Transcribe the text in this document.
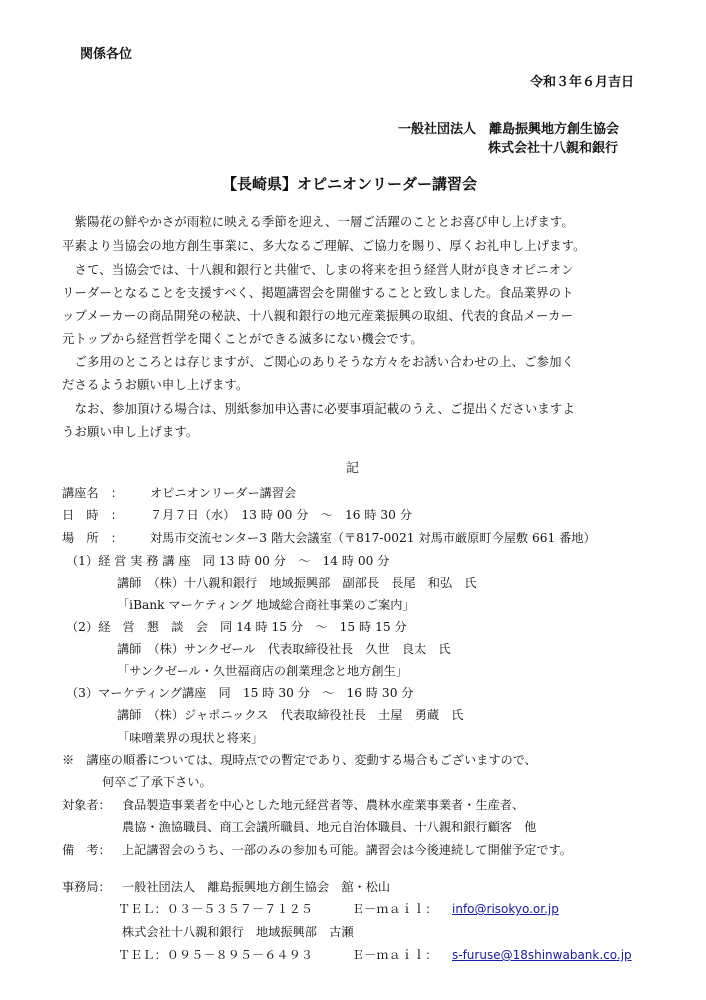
関係各位
令和３年６月吉日
一般社団法人　離島振興地方創生協会
株式会社十八親和銀行
【長崎県】オピニオンリーダー講習会
　紫陽花の鮮やかさが雨粒に映える季節を迎え、一層ご活躍のこととお喜び申し上げます。
平素より当協会の地方創生事業に、多大なるご理解、ご協力を賜り、厚くお礼申し上げます。
　さて、当協会では、十八親和銀行と共催で、しまの将来を担う経営人財が良きオピニオン
リーダーとなることを支援すべく、掲題講習会を開催することと致しました。食品業界のト
ップメーカーの商品開発の秘訣、十八親和銀行の地元産業振興の取組、代表的食品メーカー
元トップから経営哲学を聞くことができる滅多にない機会です。
　ご多用のところとは存じますが、ご関心のありそうな方々をお誘い合わせの上、ご参加く
ださるようお願い申し上げます。
　なお、参加頂ける場合は、別紙参加申込書に必要事項記載のうえ、ご提出くださいますよ
うお願い申し上げます。
記
講座名　： オピニオンリーダー講習会
日　時　： ７月７日（水）　13 時 00 分　～　16 時 30 分
場　所　： 対馬市交流センター3 階大会議室（〒817-0021 対馬市厳原町今屋敷 661 番地）
（1）経 営 実 務 講 座　同 13 時 00 分　～　14 時 00 分
講師　（株）十八親和銀行　地域振興部　副部長　長尾　和弘　氏
「iBank マーケティング 地域総合商社事業のご案内」
（2）経　営　懇　談　会　同 14 時 15 分　～　15 時 15 分
講師　（株）サンクゼール　代表取締役社長　久世　良太　氏
「サンクゼール・久世福商店の創業理念と地方創生」
（3）マーケティング講座　同　15 時 30 分　～　16 時 30 分
講師　（株）ジャポニックス　代表取締役社長　土屋　勇蔵　氏
「味噌業界の現状と将来」
※　講座の順番については、現時点での暫定であり、変動する場合もございますので、
何卒ご了承下さい。
対象者： 食品製造事業者を中心とした地元経営者等、農林水産業事業者・生産者、
農協・漁協職員、商工会議所職員、地元自治体職員、十八親和銀行顧客　他
備　考： 上記講習会のうち、一部のみの参加も可能。講習会は今後連続して開催予定です。
事務局： 一般社団法人　離島振興地方創生協会　舘・松山
ＴＥＬ：０３－５３５７－７１２５	Ｅ－ｍａｉｌ： info@risokyo.or.jp
株式会社十八親和銀行　地域振興部　古瀬
ＴＥＬ：０９５－８９５－６４９３	Ｅ－ｍａｉｌ： s-furuse@18shinwabank.co.jp
